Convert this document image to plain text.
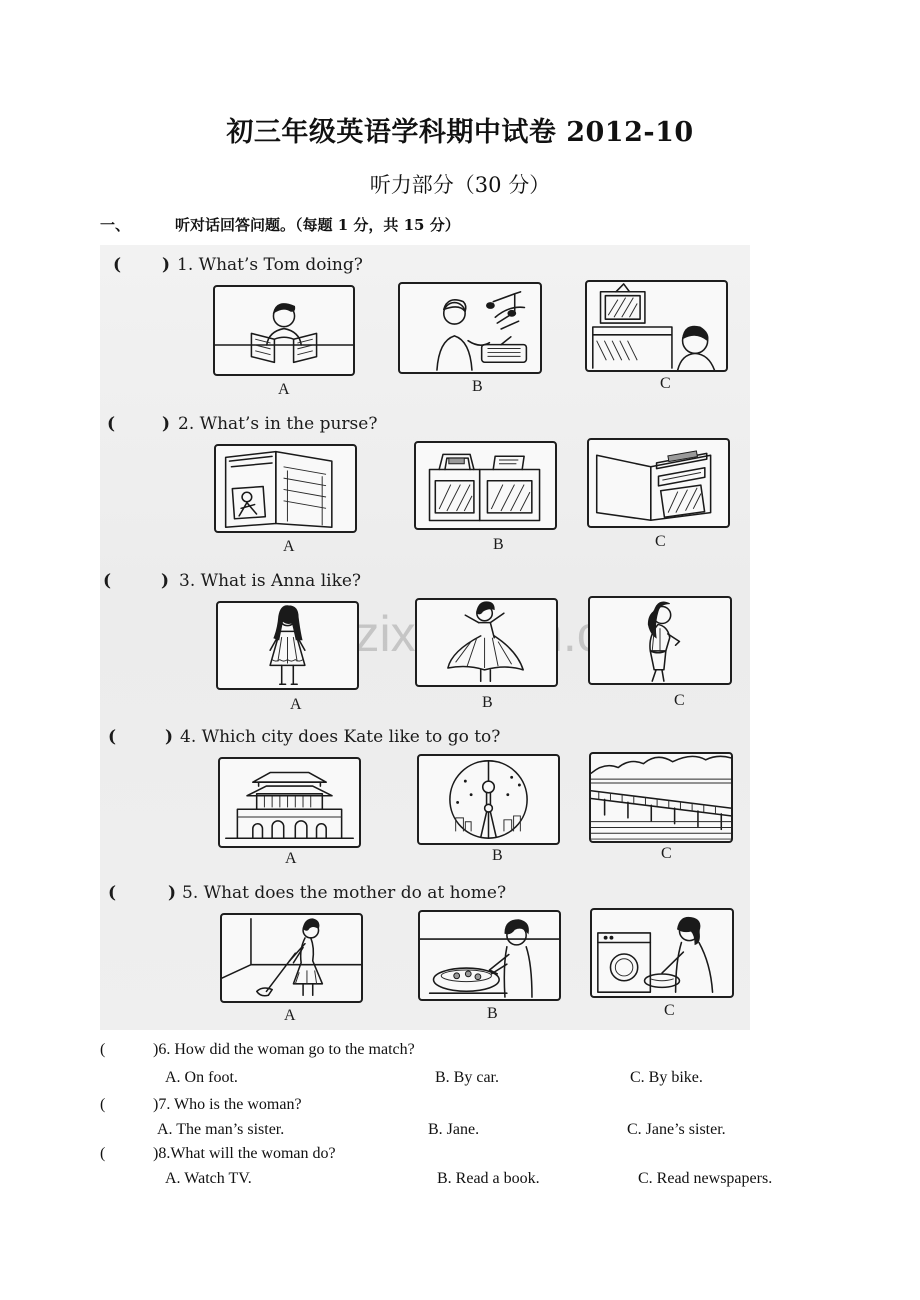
初三年级英语学科期中试卷 2012-10
听力部分（30 分）
一、	听对话回答问题。（每题 1 分，共 15 分）
( ) 1. What’s Tom doing?
A	B	C
(	) 2. What’s in the purse?
A	B	C
(	) 3. What is Anna like?
A	B	C
(	) 4. Which city does Kate like to go to?
A	B	C
(	) 5. What does the mother do at home?
A	B	C
(	)6. How did the woman go to the match?
A. On foot.	B. By car.	C. By bike.
(	)7. Who is the woman?
A. The man’s sister.	B. Jane.	C. Jane’s sister.
(	)8.What will the woman do?
A. Watch TV.	B. Read a book.	C. Read newspapers.
